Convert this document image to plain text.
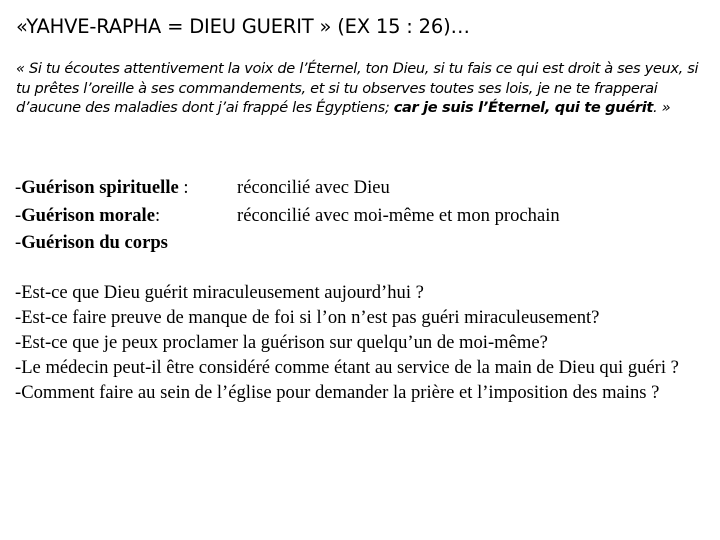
«YAHVE-RAPHA = DIEU GUERIT » (EX 15 : 26)…
« Si tu écoutes attentivement la voix de l’Éternel, ton Dieu, si tu fais ce qui est droit à ses yeux, si tu prêtes l’oreille à ses commandements, et si tu observes toutes ses lois, je ne te frapperai d’aucune des maladies dont j’ai frappé les Égyptiens; car je suis l’Éternel, qui te guérit. »
-Guérison spirituelle :	réconcilié avec Dieu
-Guérison morale:	réconcilié avec moi-même et mon prochain
-Guérison du corps

-Est-ce que Dieu guérit miraculeusement aujourd’hui ?

-Est-ce faire preuve de manque de foi si l’on n’est pas guéri miraculeusement?

-Est-ce que je peux proclamer la guérison sur quelqu’un de moi-même?

-Le médecin peut-il être considéré comme étant au service de la main de Dieu qui guéri ?

-Comment faire au sein de l’église pour demander la prière et l’imposition des mains ?
